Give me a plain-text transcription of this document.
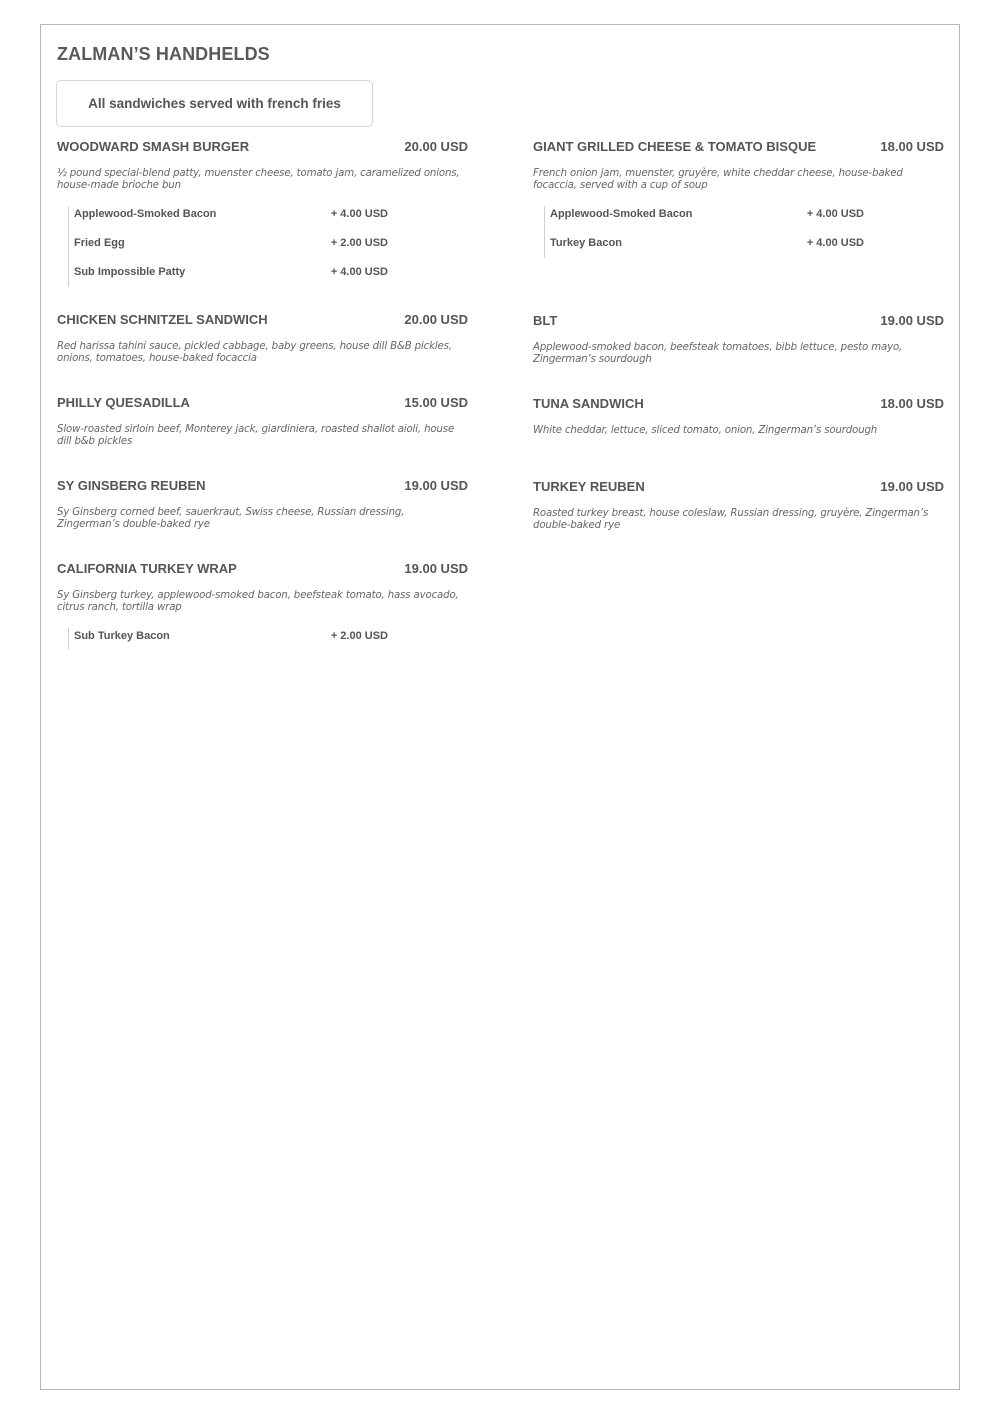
ZALMAN’S HANDHELDS
All sandwiches served with french fries
WOODWARD SMASH BURGER	20.00 USD

½ pound special-blend patty, muenster cheese, tomato jam, caramelized onions, house-made brioche bun

Applewood-Smoked Bacon	+ 4.00 USD
Fried Egg	+ 2.00 USD
Sub Impossible Patty	+ 4.00 USD
CHICKEN SCHNITZEL SANDWICH	20.00 USD

Red harissa tahini sauce, pickled cabbage, baby greens, house dill B&B pickles, onions, tomatoes, house-baked focaccia

PHILLY QUESADILLA	15.00 USD

Slow-roasted sirloin beef, Monterey jack, giardiniera, roasted shallot aioli, house dill b&b pickles

SY GINSBERG REUBEN	19.00 USD

Sy Ginsberg corned beef, sauerkraut, Swiss cheese, Russian dressing, Zingerman’s double-baked rye

CALIFORNIA TURKEY WRAP	19.00 USD

Sy Ginsberg turkey, applewood-smoked bacon, beefsteak tomato, hass avocado, citrus ranch, tortilla wrap

Sub Turkey Bacon	+ 2.00 USD
GIANT GRILLED CHEESE & TOMATO BISQUE	18.00 USD

French onion jam, muenster, gruyère, white cheddar cheese, house-baked focaccia, served with a cup of soup

Applewood-Smoked Bacon	+ 4.00 USD
Turkey Bacon	+ 4.00 USD
BLT	19.00 USD

Applewood-smoked bacon, beefsteak tomatoes, bibb lettuce, pesto mayo, Zingerman’s sourdough

TUNA SANDWICH	18.00 USD

White cheddar, lettuce, sliced tomato, onion, Zingerman’s sourdough

TURKEY REUBEN	19.00 USD

Roasted turkey breast, house coleslaw, Russian dressing, gruyère, Zingerman’s double-baked rye
